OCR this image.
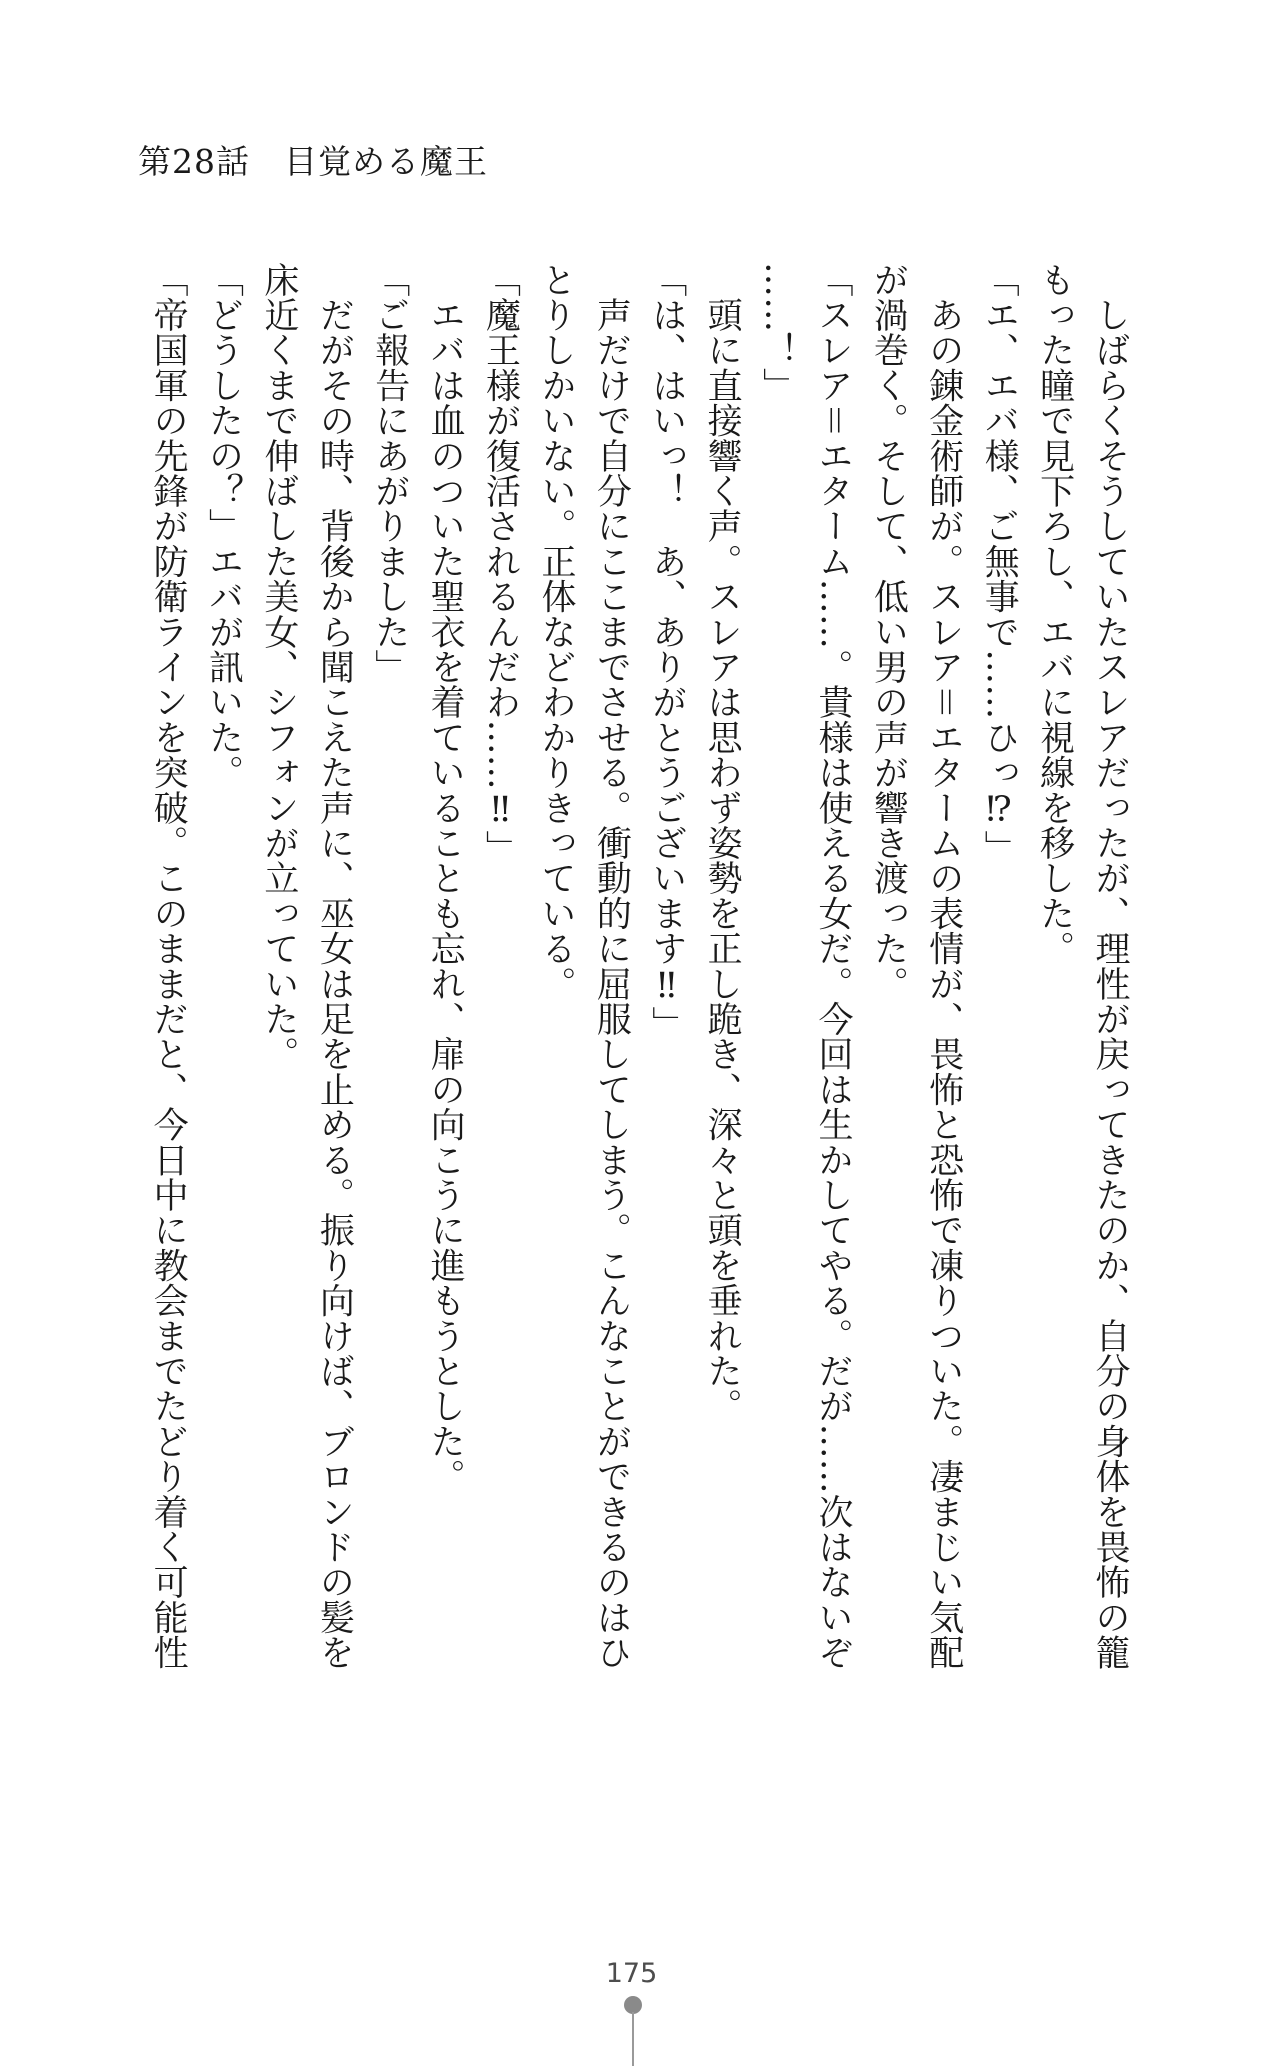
第28話　目覚める魔王
　しばらくそうしていたスレアだったが、理性が戻ってきたのか、自分の身体を畏怖の籠
もった瞳で見下ろし、エバに視線を移した。
「エ、エバ様、ご無事で……ひっ⁉」
　あの錬金術師が。スレア＝エタームの表情が、畏怖と恐怖で凍りついた。凄まじい気配
が渦巻く。そして、低い男の声が響き渡った。
「スレア＝エターム……。貴様は使える女だ。今回は生かしてやる。だが……次はないぞ
……！」
　頭に直接響く声。スレアは思わず姿勢を正し跪き、深々と頭を垂れた。
「は、はいっ！　あ、ありがとうございます‼」
　声だけで自分にここまでさせる。衝動的に屈服してしまう。こんなことができるのはひ
とりしかいない。正体などわかりきっている。
「魔王様が復活されるんだわ……‼」
　エバは血のついた聖衣を着ていることも忘れ、扉の向こうに進もうとした。
「ご報告にあがりました」
　だがその時、背後から聞こえた声に、巫女は足を止める。振り向けば、ブロンドの髪を
床近くまで伸ばした美女、シフォンが立っていた。
「どうしたの？」エバが訊いた。
「帝国軍の先鋒が防衛ラインを突破。このままだと、今日中に教会までたどり着く可能性
175
